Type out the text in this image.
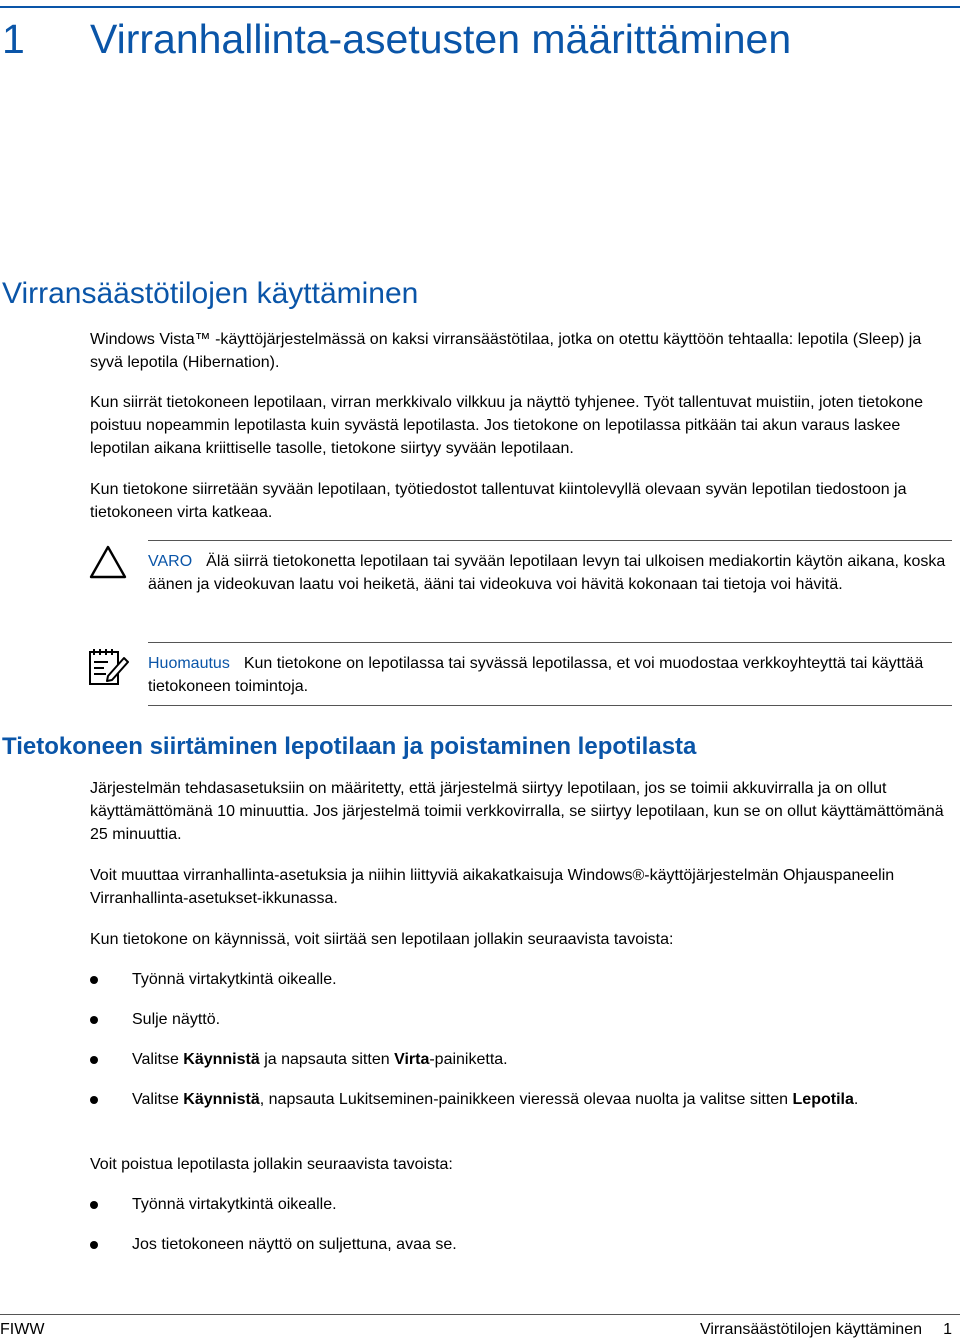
1 Virranhallinta-asetusten määrittäminen
Virransäästötilojen käyttäminen

Windows Vista™ -käyttöjärjestelmässä on kaksi virransäästötilaa, jotka on otettu käyttöön tehtaalla: lepotila (Sleep) ja syvä lepotila (Hibernation).

Kun siirrät tietokoneen lepotilaan, virran merkkivalo vilkkuu ja näyttö tyhjenee. Työt tallentuvat muistiin, joten tietokone poistuu nopeammin lepotilasta kuin syvästä lepotilasta. Jos tietokone on lepotilassa pitkään tai akun varaus laskee lepotilan aikana kriittiselle tasolle, tietokone siirtyy syvään lepotilaan.

Kun tietokone siirretään syvään lepotilaan, työtiedostot tallentuvat kiintolevyllä olevaan syvän lepotilan tiedostoon ja tietokoneen virta katkeaa.

VARO Älä siirrä tietokonetta lepotilaan tai syvään lepotilaan levyn tai ulkoisen mediakortin käytön aikana, koska äänen ja videokuvan laatu voi heiketä, ääni tai videokuva voi hävitä kokonaan tai tietoja voi hävitä.

Huomautus Kun tietokone on lepotilassa tai syvässä lepotilassa, et voi muodostaa verkkoyhteyttä tai käyttää tietokoneen toimintoja.

Tietokoneen siirtäminen lepotilaan ja poistaminen lepotilasta

Järjestelmän tehdasasetuksiin on määritetty, että järjestelmä siirtyy lepotilaan, jos se toimii akkuvirralla ja on ollut käyttämättömänä 10 minuuttia. Jos järjestelmä toimii verkkovirralla, se siirtyy lepotilaan, kun se on ollut käyttämättömänä 25 minuuttia.

Voit muuttaa virranhallinta-asetuksia ja niihin liittyviä aikakatkaisuja Windows®-käyttöjärjestelmän Ohjauspaneelin Virranhallinta-asetukset-ikkunassa.

Kun tietokone on käynnissä, voit siirtää sen lepotilaan jollakin seuraavista tavoista:

Työnnä virtakytkintä oikealle.
Sulje näyttö.
Valitse Käynnistä ja napsauta sitten Virta-painiketta.
Valitse Käynnistä, napsauta Lukitseminen-painikkeen vieressä olevaa nuolta ja valitse sitten Lepotila.

Voit poistua lepotilasta jollakin seuraavista tavoista:

Työnnä virtakytkintä oikealle.
Jos tietokoneen näyttö on suljettuna, avaa se.
FIWW	Virransäästötilojen käyttäminen 1
